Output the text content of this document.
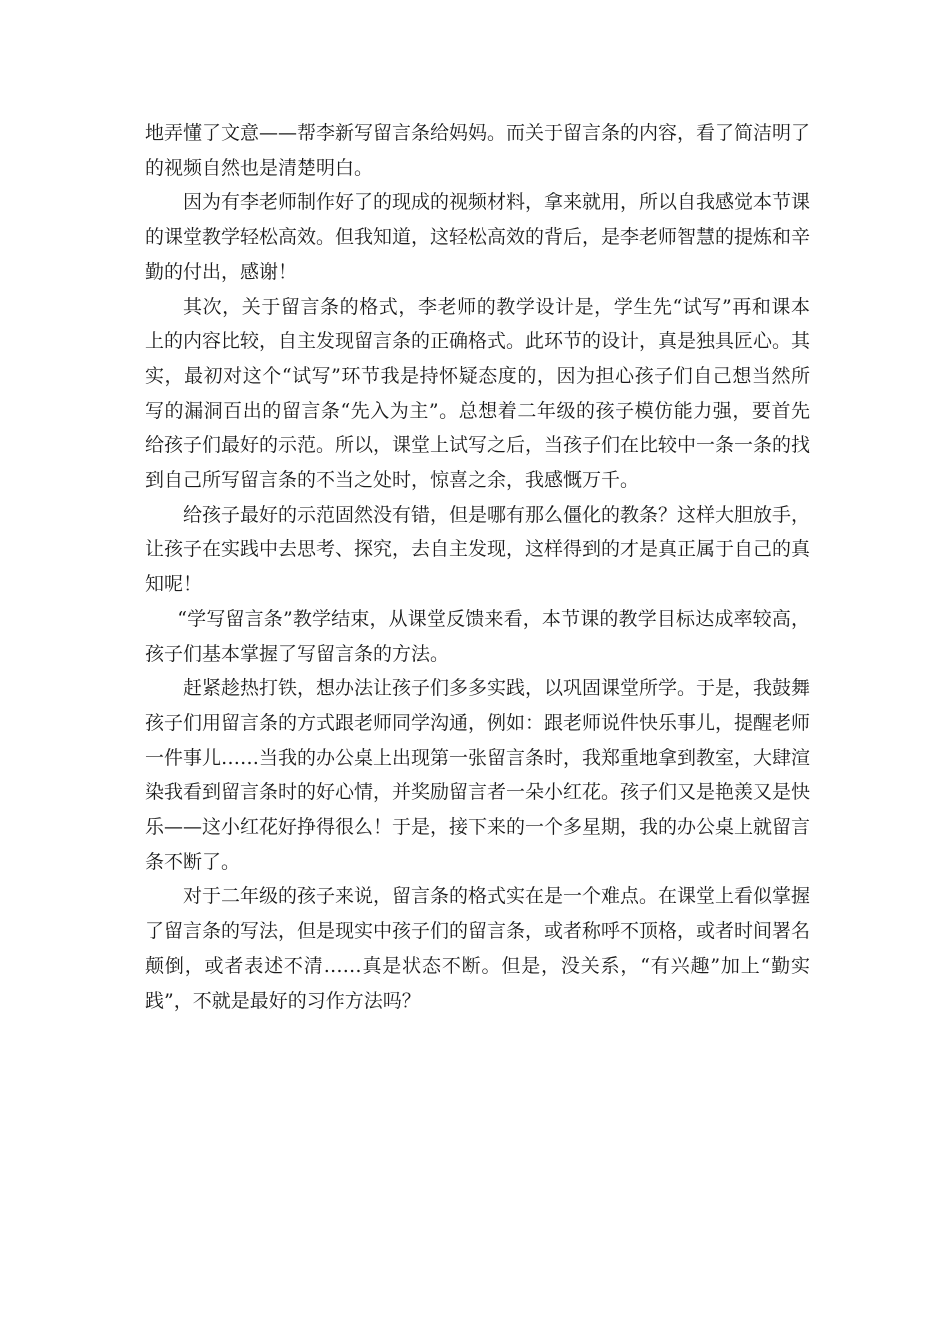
地弄懂了文意——帮李新写留言条给妈妈。而关于留言条的内容，看了简洁明了的视频自然也是清楚明白。

因为有李老师制作好了的现成的视频材料，拿来就用，所以自我感觉本节课的课堂教学轻松高效。但我知道，这轻松高效的背后，是李老师智慧的提炼和辛勤的付出，感谢！

其次，关于留言条的格式，李老师的教学设计是，学生先“试写”再和课本上的内容比较，自主发现留言条的正确格式。此环节的设计，真是独具匠心。其实，最初对这个“试写”环节我是持怀疑态度的，因为担心孩子们自己想当然所写的漏洞百出的留言条“先入为主”。总想着二年级的孩子模仿能力强，要首先给孩子们最好的示范。所以，课堂上试写之后，当孩子们在比较中一条一条的找到自己所写留言条的不当之处时，惊喜之余，我感慨万千。

给孩子最好的示范固然没有错，但是哪有那么僵化的教条？这样大胆放手，让孩子在实践中去思考、探究，去自主发现，这样得到的才是真正属于自己的真知呢！

“学写留言条”教学结束，从课堂反馈来看，本节课的教学目标达成率较高，孩子们基本掌握了写留言条的方法。

赶紧趁热打铁，想办法让孩子们多多实践，以巩固课堂所学。于是，我鼓舞孩子们用留言条的方式跟老师同学沟通，例如：跟老师说件快乐事儿，提醒老师一件事儿……当我的办公桌上出现第一张留言条时，我郑重地拿到教室，大肆渲染我看到留言条时的好心情，并奖励留言者一朵小红花。孩子们又是艳羡又是快乐——这小红花好挣得很么！于是，接下来的一个多星期，我的办公桌上就留言条不断了。

对于二年级的孩子来说，留言条的格式实在是一个难点。在课堂上看似掌握了留言条的写法，但是现实中孩子们的留言条，或者称呼不顶格，或者时间署名颠倒，或者表述不清……真是状态不断。但是，没关系，“有兴趣”加上“勤实践”，不就是最好的习作方法吗？
